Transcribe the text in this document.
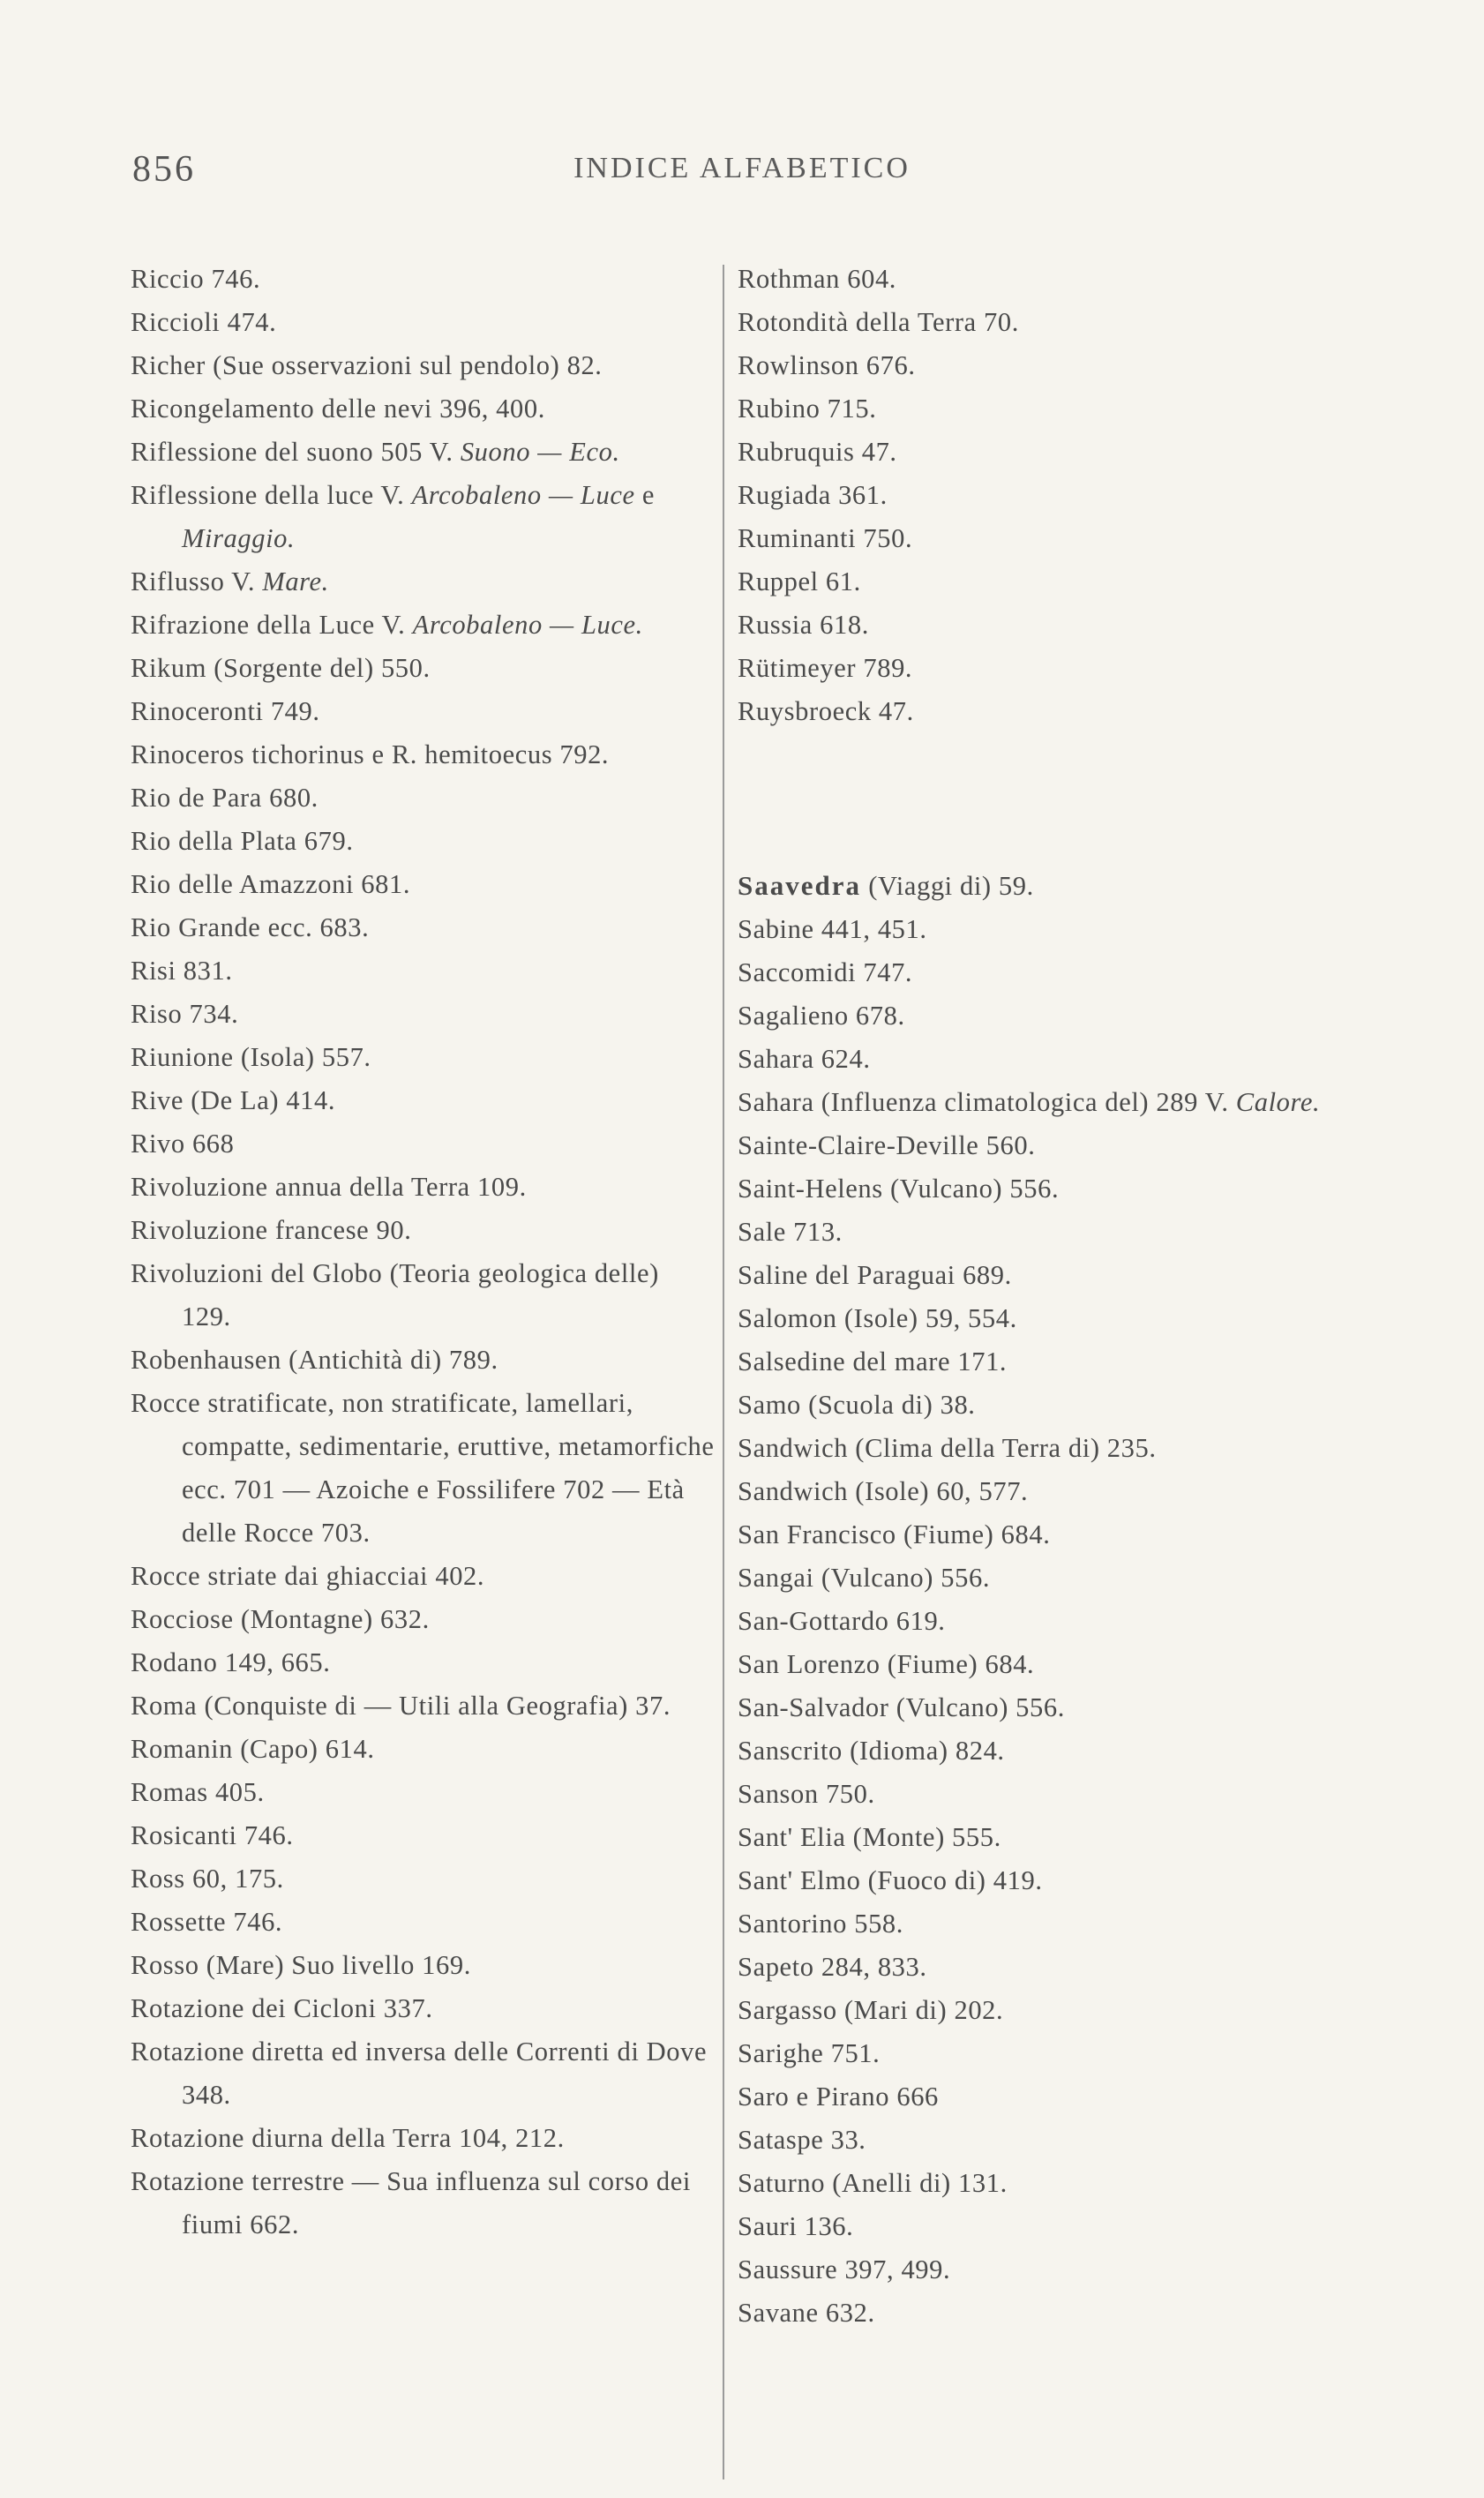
856	INDICE ALFABETICO

Riccio 746.

Riccioli 474.

Richer (Sue osservazioni sul pendolo) 82.

Ricongelamento delle nevi 396, 400.

Riflessione del suono 505 V. Suono — Eco.

Riflessione della luce V. Arcobaleno — Luce e Miraggio.

Riflusso V. Mare.

Rifrazione della Luce V. Arcobaleno — Luce.

Rikum (Sorgente del) 550.

Rinoceronti 749.

Rinoceros tichorinus e R. hemitoecus 792.

Rio de Para 680.

Rio della Plata 679.

Rio delle Amazzoni 681.

Rio Grande ecc. 683.

Risi 831.

Riso 734.

Riunione (Isola) 557.

Rive (De La) 414.

Rivo 668

Rivoluzione annua della Terra 109.

Rivoluzione francese 90.

Rivoluzioni del Globo (Teoria geologica delle) 129.

Robenhausen (Antichità di) 789.

Rocce stratificate, non stratificate, lamellari, compatte, sedimentarie, eruttive, metamorfiche ecc. 701 — Azoiche e Fossilifere 702 — Età delle Rocce 703.

Rocce striate dai ghiacciai 402.

Rocciose (Montagne) 632.

Rodano 149, 665.

Roma (Conquiste di — Utili alla Geografia) 37.

Romanin (Capo) 614.

Romas 405.

Rosicanti 746.

Ross 60, 175.

Rossette 746.

Rosso (Mare) Suo livello 169.

Rotazione dei Cicloni 337.

Rotazione diretta ed inversa delle Correnti di Dove 348.

Rotazione diurna della Terra 104, 212.

Rotazione terrestre — Sua influenza sul corso dei fiumi 662.

Rothman 604.

Rotondità della Terra 70.

Rowlinson 676.

Rubino 715.

Rubruquis 47.

Rugiada 361.

Ruminanti 750.

Ruppel 61.

Russia 618.

Rütimeyer 789.

Ruysbroeck 47.

Saavedra (Viaggi di) 59.

Sabine 441, 451.

Saccomidi 747.

Sagalieno 678.

Sahara 624.

Sahara (Influenza climatologica del) 289 V. Calore.

Sainte-Claire-Deville 560.

Saint-Helens (Vulcano) 556.

Sale 713.

Saline del Paraguai 689.

Salomon (Isole) 59, 554.

Salsedine del mare 171.

Samo (Scuola di) 38.

Sandwich (Clima della Terra di) 235.

Sandwich (Isole) 60, 577.

San Francisco (Fiume) 684.

Sangai (Vulcano) 556.

San-Gottardo 619.

San Lorenzo (Fiume) 684.

San-Salvador (Vulcano) 556.

Sanscrito (Idioma) 824.

Sanson 750.

Sant' Elia (Monte) 555.

Sant' Elmo (Fuoco di) 419.

Santorino 558.

Sapeto 284, 833.

Sargasso (Mari di) 202.

Sarighe 751.

Saro e Pirano 666

Sataspe 33.

Saturno (Anelli di) 131.

Sauri 136.

Saussure 397, 499.

Savane 632.
